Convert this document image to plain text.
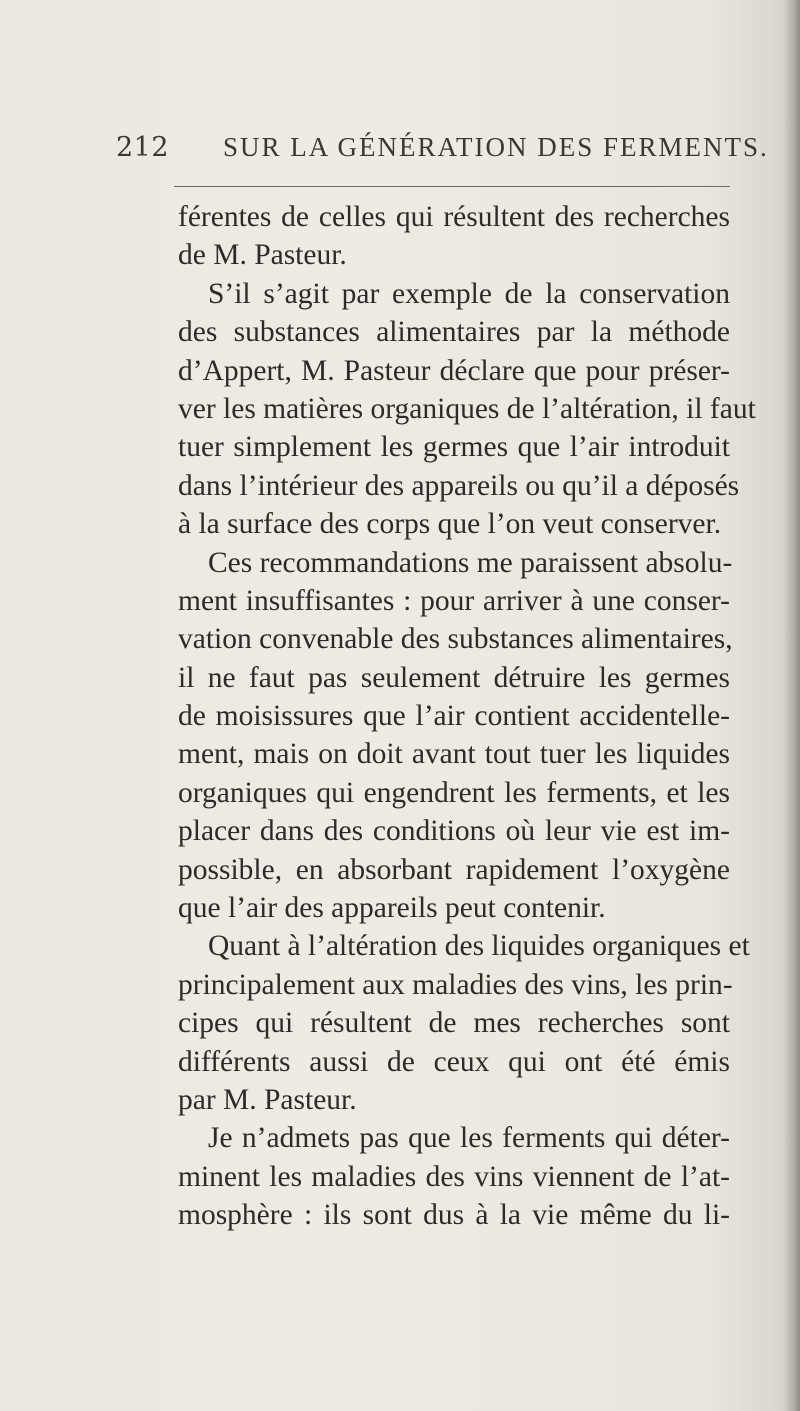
212 SUR LA GÉNÉRATION DES FERMENTS.
férentes de celles qui résultent des recherches
de M. Pasteur.
S’il s’agit par exemple de la conservation
des substances alimentaires par la méthode
d’Appert, M. Pasteur déclare que pour préser-
ver les matières organiques de l’altération, il faut
tuer simplement les germes que l’air introduit
dans l’intérieur des appareils ou qu’il a déposés
à la surface des corps que l’on veut conserver.
Ces recommandations me paraissent absolu-
ment insuffisantes : pour arriver à une conser-
vation convenable des substances alimentaires,
il ne faut pas seulement détruire les germes
de moisissures que l’air contient accidentelle-
ment, mais on doit avant tout tuer les liquides
organiques qui engendrent les ferments, et les
placer dans des conditions où leur vie est im-
possible, en absorbant rapidement l’oxygène
que l’air des appareils peut contenir.
Quant à l’altération des liquides organiques et
principalement aux maladies des vins, les prin-
cipes qui résultent de mes recherches sont
différents aussi de ceux qui ont été émis
par M. Pasteur.
Je n’admets pas que les ferments qui déter-
minent les maladies des vins viennent de l’at-
mosphère : ils sont dus à la vie même du li-
